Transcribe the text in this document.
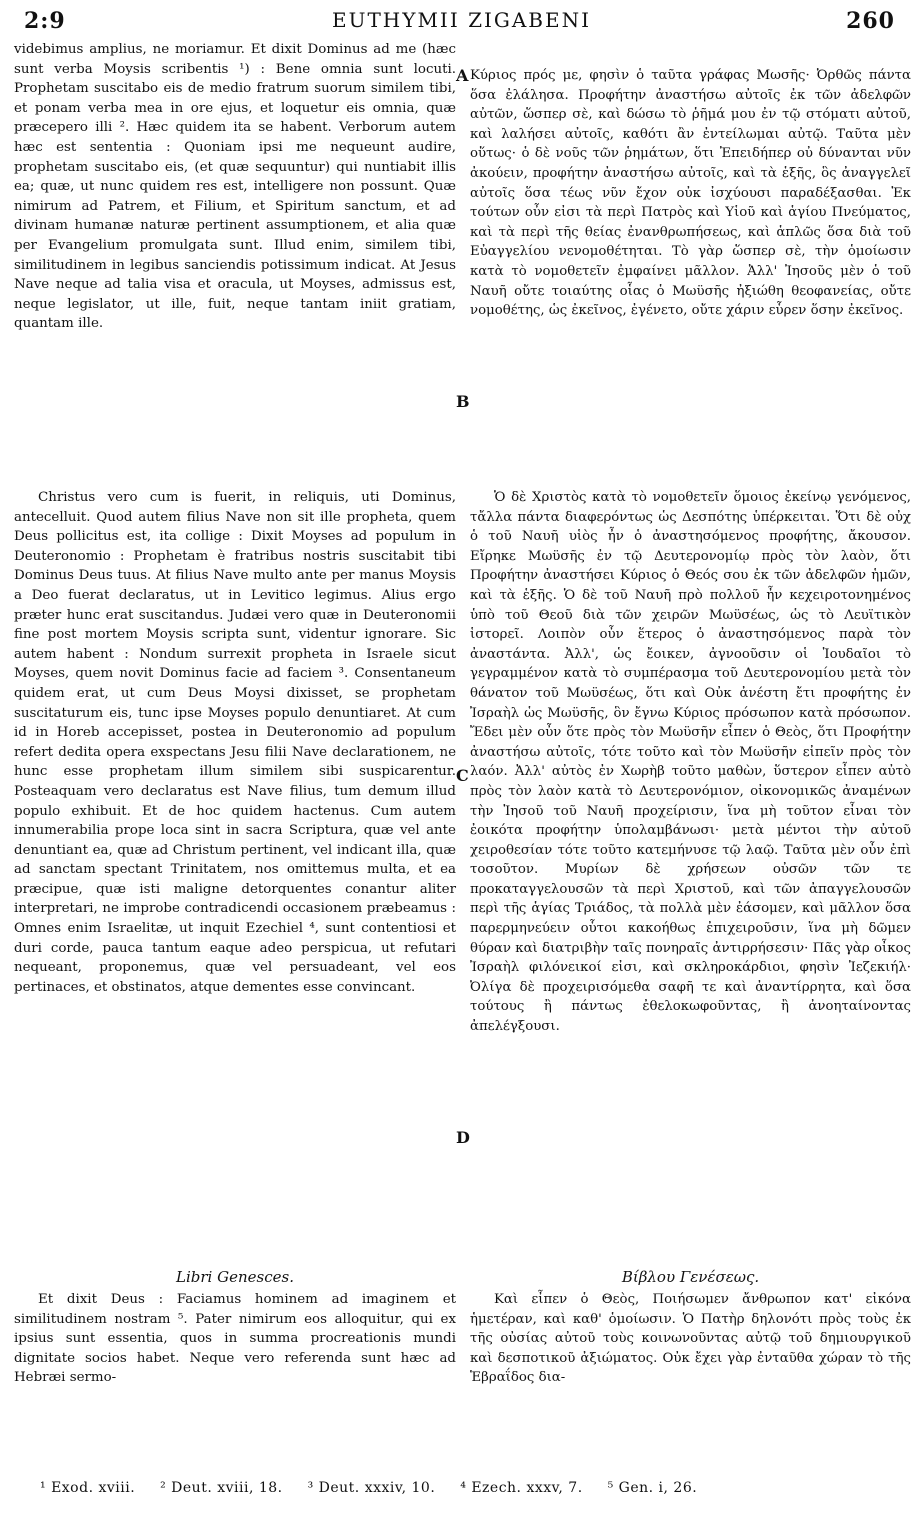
2:9	EUTHYMII ZIGABENI	260

videbimus amplius, ne moriamur. Et dixit Dominus ad me (hæc sunt verba Moysis scribentis ¹) : Bene omnia sunt locuti. Prophetam suscitabo eis de medio fratrum suorum similem tibi, et ponam verba mea in ore ejus, et loquetur eis omnia, quæ præcepero illi ². Hæc quidem ita se habent. Verborum autem hæc est sententia : Quoniam ipsi me nequeunt audire, prophetam suscitabo eis, (et quæ sequuntur) qui nuntiabit illis ea; quæ, ut nunc quidem res est, intelligere non possunt. Quæ nimirum ad Patrem, et Filium, et Spiritum sanctum, et ad divinam humanæ naturæ pertinent assumptionem, et alia quæ per Evangelium promulgata sunt. Illud enim, similem tibi, similitudinem in legibus sanciendis potissimum indicat. At Jesus Nave neque ad talia visa et oracula, ut Moyses, admissus est, neque legislator, ut ille, fuit, neque tantam iniit gratiam, quantam ille.

Christus vero cum is fuerit, in reliquis, uti Dominus, antecelluit. Quod autem filius Nave non sit ille propheta, quem Deus pollicitus est, ita collige : Dixit Moyses ad populum in Deuteronomio : Prophetam è fratribus nostris suscitabit tibi Dominus Deus tuus. At filius Nave multo ante per manus Moysis a Deo fuerat declaratus, ut in Levitico legimus. Alius ergo præter hunc erat suscitandus. Judæi vero quæ in Deuteronomii fine post mortem Moysis scripta sunt, videntur ignorare. Sic autem habent : Nondum surrexit propheta in Israele sicut Moyses, quem novit Dominus facie ad faciem ³. Consentaneum quidem erat, ut cum Deus Moysi dixisset, se prophetam suscitaturum eis, tunc ipse Moyses populo denuntiaret. At cum id in Horeb accepisset, postea in Deuteronomio ad populum refert dedita opera exspectans Jesu filii Nave declarationem, ne hunc esse prophetam illum similem sibi suspicarentur. Posteaquam vero declaratus est Nave filius, tum demum illud populo exhibuit. Et de hoc quidem hactenus. Cum autem innumerabilia prope loca sint in sacra Scriptura, quæ vel ante denuntiant ea, quæ ad Christum pertinent, vel indicant illa, quæ ad sanctam spectant Trinitatem, nos omittemus multa, et ea præcipue, quæ isti maligne detorquentes conantur aliter interpretari, ne improbe contradicendi occasionem præbeamus : Omnes enim Israelitæ, ut inquit Ezechiel ⁴, sunt contentiosi et duri corde, pauca tantum eaque adeo perspicua, ut refutari nequeant, proponemus, quæ vel persuadeant, vel eos pertinaces, et obstinatos, atque dementes esse convincant.

Libri Genesces.

Et dixit Deus : Faciamus hominem ad imaginem et similitudinem nostram ⁵. Pater nimirum eos alloquitur, qui ex ipsius sunt essentia, quos in summa procreationis mundi dignitate socios habet. Neque vero referenda sunt hæc ad Hebræi sermo-

A
B
C
D

Κύριος πρός με, φησὶν ὁ ταῦτα γράφας Μωσῆς· Ὀρθῶς πάντα ὅσα ἐλάλησα. Προφήτην ἀναστήσω αὐτοῖς ἐκ τῶν ἀδελφῶν αὐτῶν, ὥσπερ σὲ, καὶ δώσω τὸ ῥῆμά μου ἐν τῷ στόματι αὐτοῦ, καὶ λαλήσει αὐτοῖς, καθότι ἂν ἐντείλωμαι αὐτῷ. Ταῦτα μὲν οὕτως· ὁ δὲ νοῦς τῶν ῥημάτων, ὅτι Ἐπειδήπερ οὐ δύνανται νῦν ἀκούειν, προφήτην ἀναστήσω αὐτοῖς, καὶ τὰ ἑξῆς, ὃς ἀναγγελεῖ αὐτοῖς ὅσα τέως νῦν ἔχον οὐκ ἰσχύουσι παραδέξασθαι. Ἐκ τούτων οὖν εἰσι τὰ περὶ Πατρὸς καὶ Υἱοῦ καὶ ἁγίου Πνεύματος, καὶ τὰ περὶ τῆς θείας ἐνανθρωπήσεως, καὶ ἁπλῶς ὅσα διὰ τοῦ Εὐαγγελίου νενομοθέτηται. Τὸ γὰρ ὥσπερ σὲ, τὴν ὁμοίωσιν κατὰ τὸ νομοθετεῖν ἐμφαίνει μᾶλλον. Ἀλλ' Ἰησοῦς μὲν ὁ τοῦ Ναυῆ οὔτε τοιαύτης οἷας ὁ Μωϋσῆς ἠξιώθη θεοφανείας, οὔτε νομοθέτης, ὡς ἐκεῖνος, ἐγένετο, οὔτε χάριν εὗρεν ὅσην ἐκεῖνος.

Ὁ δὲ Χριστὸς κατὰ τὸ νομοθετεῖν ὅμοιος ἐκείνῳ γενόμενος, τἄλλα πάντα διαφερόντως ὡς Δεσπότης ὑπέρκειται. Ὅτι δὲ οὐχ ὁ τοῦ Ναυῆ υἱὸς ἦν ὁ ἀναστησόμενος προφήτης, ἄκουσον. Εἴρηκε Μωϋσῆς ἐν τῷ Δευτερονομίῳ πρὸς τὸν λαὸν, ὅτι Προφήτην ἀναστήσει Κύριος ὁ Θεός σου ἐκ τῶν ἀδελφῶν ἡμῶν, καὶ τὰ ἑξῆς. Ὁ δὲ τοῦ Ναυῆ πρὸ πολλοῦ ἦν κεχειροτονημένος ὑπὸ τοῦ Θεοῦ διὰ τῶν χειρῶν Μωϋσέως, ὡς τὸ Λευϊτικὸν ἱστορεῖ. Λοιπὸν οὖν ἕτερος ὁ ἀναστησόμενος παρὰ τὸν ἀναστάντα. Ἀλλ', ὡς ἔοικεν, ἀγνοοῦσιν οἱ Ἰουδαῖοι τὸ γεγραμμένον κατὰ τὸ συμπέρασμα τοῦ Δευτερονομίου μετὰ τὸν θάνατον τοῦ Μωϋσέως, ὅτι καὶ Οὐκ ἀνέστη ἔτι προφήτης ἐν Ἰσραὴλ ὡς Μωϋσῆς, ὃν ἔγνω Κύριος πρόσωπον κατὰ πρόσωπον. Ἔδει μὲν οὖν ὅτε πρὸς τὸν Μωϋσῆν εἶπεν ὁ Θεὸς, ὅτι Προφήτην ἀναστήσω αὐτοῖς, τότε τοῦτο καὶ τὸν Μωϋσῆν εἰπεῖν πρὸς τὸν λαόν. Ἀλλ' αὐτὸς ἐν Χωρὴβ τοῦτο μαθὼν, ὕστερον εἶπεν αὐτὸ πρὸς τὸν λαὸν κατὰ τὸ Δευτερονόμιον, οἰκονομικῶς ἀναμένων τὴν Ἰησοῦ τοῦ Ναυῆ προχείρισιν, ἵνα μὴ τοῦτον εἶναι τὸν ἐοικότα προφήτην ὑπολαμβάνωσι· μετὰ μέντοι τὴν αὐτοῦ χειροθεσίαν τότε τοῦτο κατεμήνυσε τῷ λαῷ. Ταῦτα μὲν οὖν ἐπὶ τοσοῦτον. Μυρίων δὲ χρήσεων οὐσῶν τῶν τε προκαταγγελουσῶν τὰ περὶ Χριστοῦ, καὶ τῶν ἀπαγγελουσῶν περὶ τῆς ἁγίας Τριάδος, τὰ πολλὰ μὲν ἐάσομεν, καὶ μᾶλλον ὅσα παρερμηνεύειν οὗτοι κακοήθως ἐπιχειροῦσιν, ἵνα μὴ δῶμεν θύραν καὶ διατριβὴν ταῖς πονηραῖς ἀντιρρήσεσιν· Πᾶς γὰρ οἶκος Ἰσραὴλ φιλόνεικοί εἰσι, καὶ σκληροκάρδιοι, φησὶν Ἰεζεκιήλ· Ὀλίγα δὲ προχειρισόμεθα σαφῆ τε καὶ ἀναντίρρητα, καὶ ὅσα τούτους ἢ πάντως ἐθελοκωφοῦντας, ἢ ἀνοηταίνοντας ἀπελέγξουσι.

Βίβλου Γενέσεως.

Καὶ εἶπεν ὁ Θεὸς, Ποιήσωμεν ἄνθρωπον κατ' εἰκόνα ἡμετέραν, καὶ καθ' ὁμοίωσιν. Ὁ Πατὴρ δηλονότι πρὸς τοὺς ἐκ τῆς οὐσίας αὐτοῦ τοὺς κοινωνοῦντας αὐτῷ τοῦ δημιουργικοῦ καὶ δεσποτικοῦ ἀξιώματος. Οὐκ ἔχει γὰρ ἐνταῦθα χώραν τὸ τῆς Ἑβραΐδος δια-

¹ Exod. xviii. ² Deut. xviii, 18. ³ Deut. xxxiv, 10. ⁴ Ezech. xxxv, 7. ⁵ Gen. i, 26.
